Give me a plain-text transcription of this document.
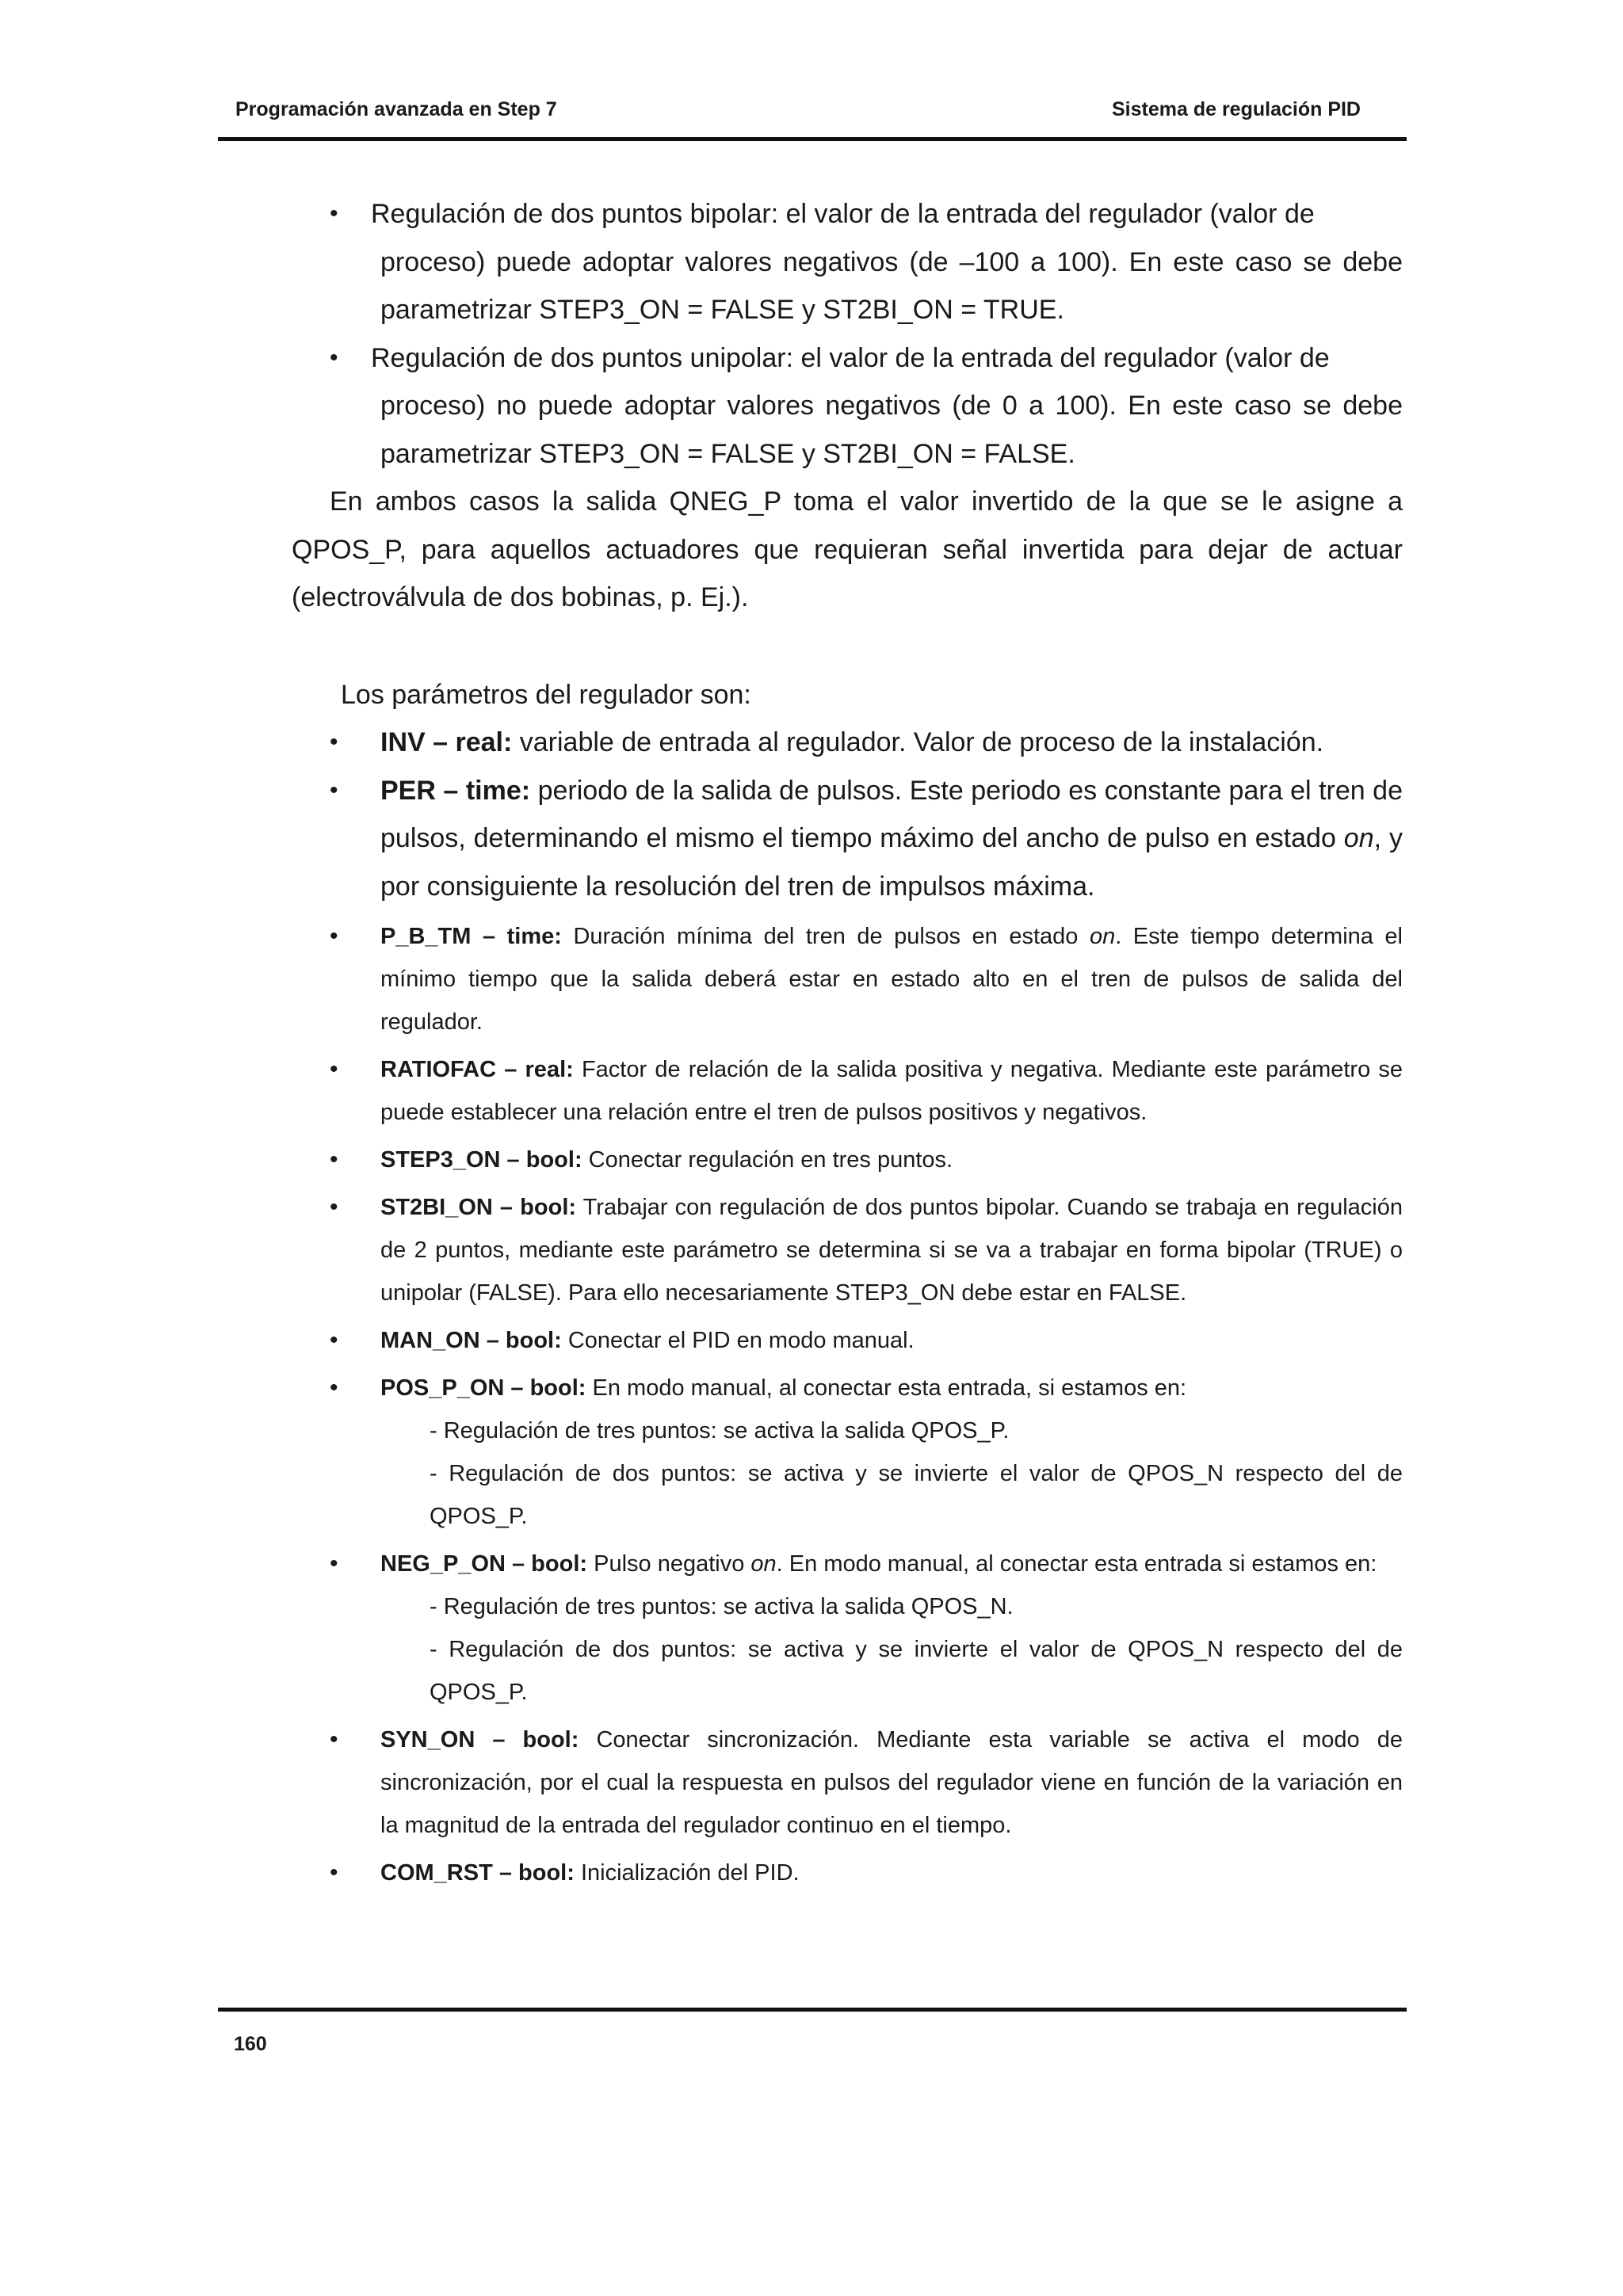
Programación avanzada en Step 7	Sistema de regulación PID
• Regulación de dos puntos bipolar: el valor de la entrada del regulador (valor de
proceso) puede adoptar valores negativos (de –100 a 100). En este caso se debe parametrizar STEP3_ON = FALSE y ST2BI_ON = TRUE.
• Regulación de dos puntos unipolar: el valor de la entrada del regulador (valor de
proceso) no puede adoptar valores negativos (de 0 a 100). En este caso se debe parametrizar STEP3_ON = FALSE y ST2BI_ON = FALSE.

En ambos casos la salida QNEG_P toma el valor invertido de la que se le asigne a QPOS_P, para aquellos actuadores que requieran señal invertida para dejar de actuar (electroválvula de dos bobinas, p. Ej.).

Los parámetros del regulador son:
• INV – real: variable de entrada al regulador. Valor de proceso de la instalación.
• PER – time: periodo de la salida de pulsos. Este periodo es constante para el tren de pulsos, determinando el mismo el tiempo máximo del ancho de pulso en estado on, y por consiguiente la resolución del tren de impulsos máxima.
• P_B_TM – time: Duración mínima del tren de pulsos en estado on. Este tiempo determina el mínimo tiempo que la salida deberá estar en estado alto en el tren de pulsos de salida del regulador.
• RATIOFAC – real: Factor de relación de la salida positiva y negativa. Mediante este parámetro se puede establecer una relación entre el tren de pulsos positivos y negativos.
• STEP3_ON – bool: Conectar regulación en tres puntos.
• ST2BI_ON – bool: Trabajar con regulación de dos puntos bipolar. Cuando se trabaja en regulación de 2 puntos, mediante este parámetro se determina si se va a trabajar en forma bipolar (TRUE) o unipolar (FALSE). Para ello necesariamente STEP3_ON debe estar en FALSE.
• MAN_ON – bool: Conectar el PID en modo manual.
• POS_P_ON – bool: En modo manual, al conectar esta entrada, si estamos en:
- Regulación de tres puntos: se activa la salida QPOS_P.
- Regulación de dos puntos: se activa y se invierte el valor de QPOS_N respecto del de QPOS_P.
• NEG_P_ON – bool: Pulso negativo on. En modo manual, al conectar esta entrada si estamos en:
- Regulación de tres puntos: se activa la salida QPOS_N.
- Regulación de dos puntos: se activa y se invierte el valor de QPOS_N respecto del de QPOS_P.
• SYN_ON – bool: Conectar sincronización. Mediante esta variable se activa el modo de sincronización, por el cual la respuesta en pulsos del regulador viene en función de la variación en la magnitud de la entrada del regulador continuo en el tiempo.
• COM_RST – bool: Inicialización del PID.
160
